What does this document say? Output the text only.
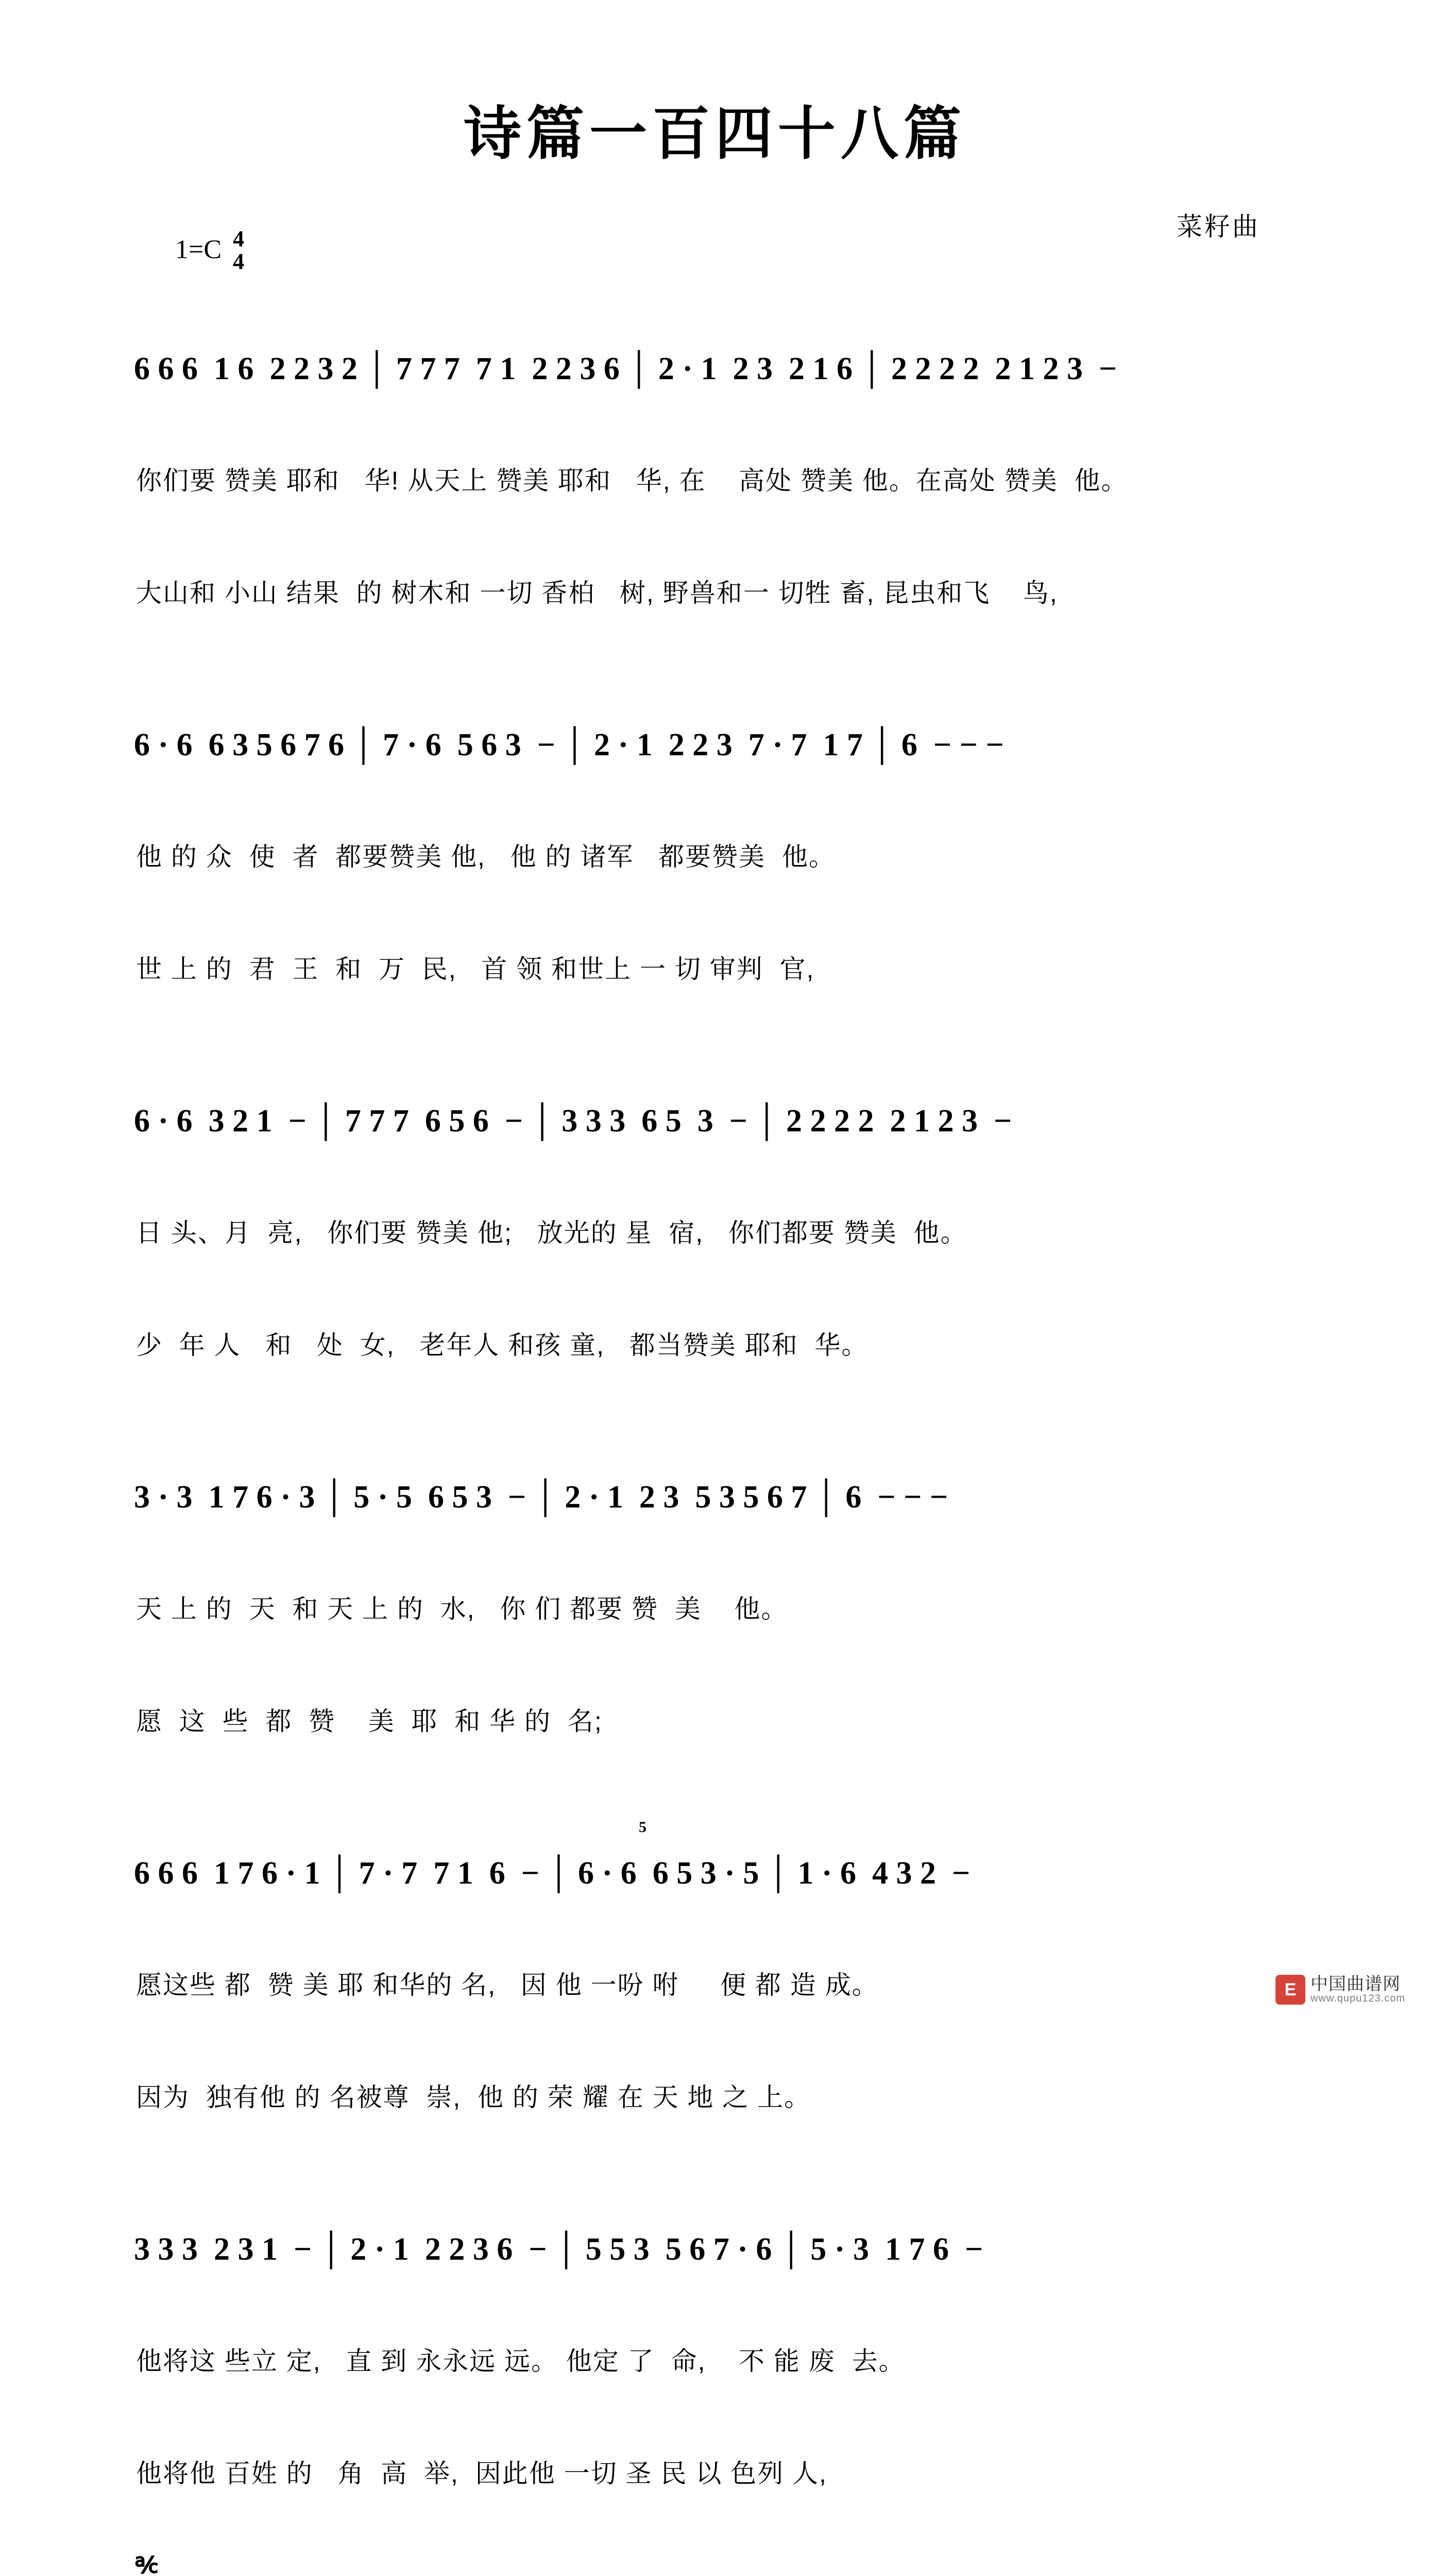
诗篇一百四十八篇
菜籽曲
1=C 4
4
6 6 6  1 6  2 2 3 2 │ 7 7 7  7 1  2 2 3 6 │ 2 · 1  2 3  2 1 6 │ 2 2 2 2  2 1 2 3  −

你们要 赞美 耶和   华! 从天上 赞美 耶和   华, 在    高处 赞美 他。在高处 赞美  他。

大山和 小山 结果  的 树木和 一切 香柏   树, 野兽和一 切牲 畜, 昆虫和飞    鸟,

6 · 6  6 3 5 6 7 6 │ 7 · 6  5 6 3  − │ 2 · 1  2 2 3  7 · 7  1 7 │ 6  − − −

他 的 众  使  者  都要赞美 他,   他 的 诸军   都要赞美  他。

世 上 的  君  王  和  万  民,   首 领 和世上 一 切 审判  官,

6 · 6  3 2 1  − │ 7 7 7  6 5 6  − │ 3 3 3  6 5  3  − │ 2 2 2 2  2 1 2 3  −

日 头、月  亮,   你们要 赞美 他;   放光的 星  宿,   你们都要 赞美  他。

少  年 人   和   处  女,   老年人 和孩 童,   都当赞美 耶和  华。

3 · 3  1 7 6 · 3 │ 5 · 5  6 5 3  − │ 2 · 1  2 3  5 3 5 6 7 │ 6  − − −

天 上 的  天  和 天 上 的  水,   你 们 都要 赞  美    他。

愿  这  些  都  赞    美  耶  和 华 的  名;

5
6 6 6  1 7 6 · 1 │ 7 · 7  7 1  6  − │ 6 · 6  6 5 3 · 5 │ 1 · 6  4 3 2  −

愿这些 都  赞 美 耶 和华的 名,   因 他 一吩 咐     便 都 造 成。

因为  独有他 的 名被尊  崇,  他 的 荣 耀 在 天 地 之 上。

3 3 3  2 3 1  − │ 2 · 1  2 2 3 6  − │ 5 5 3  5 6 7 · 6 │ 5 · 3  1 7 6  −

他将这 些立 定,   直 到 永永远 远。 他定 了  命,    不 能 废  去。

他将他 百姓 的   角  高  举,  因此他 一切 圣 民 以 色列 人,

℀

E 中国曲谱网
www.qupu123.com
